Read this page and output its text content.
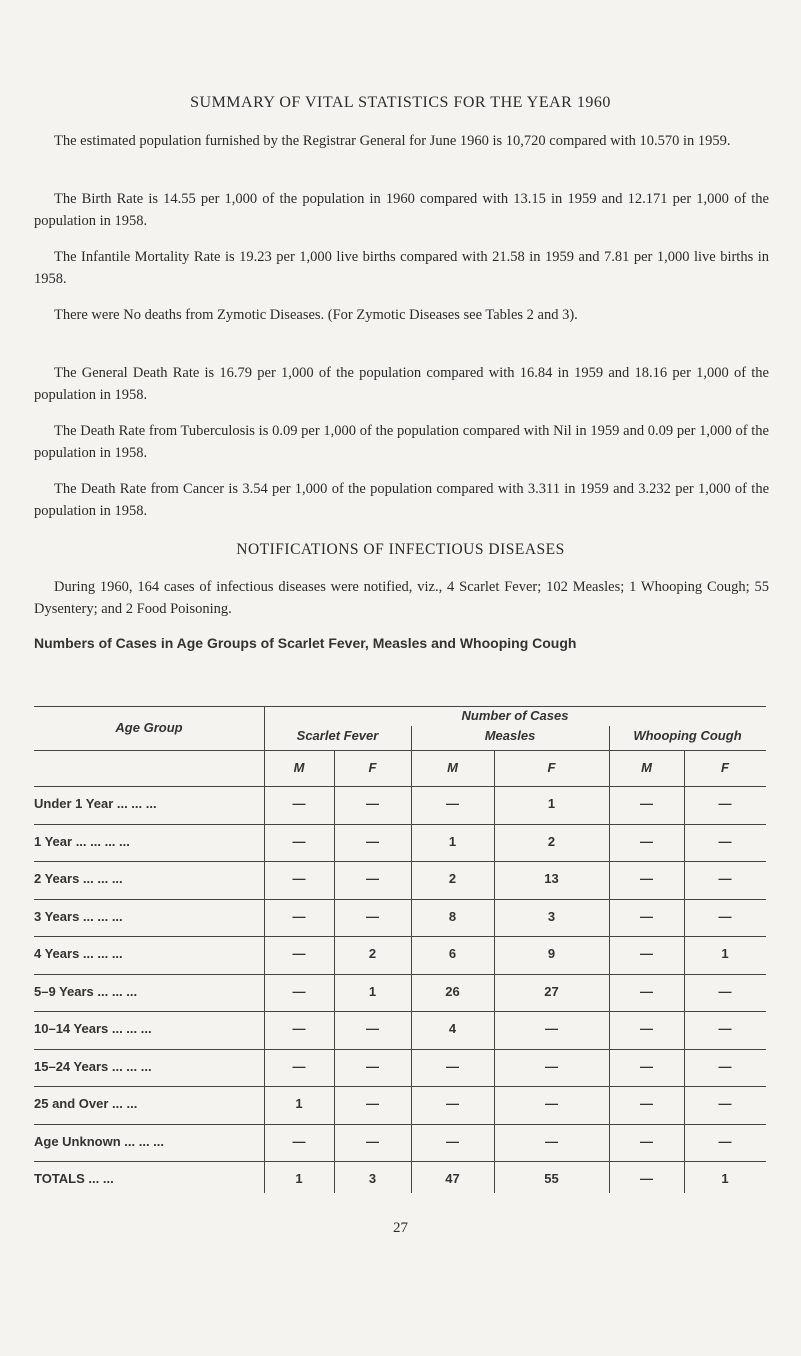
SUMMARY OF VITAL STATISTICS FOR THE YEAR 1960
The estimated population furnished by the Registrar General for June 1960 is 10,720 compared with 10.570 in 1959.
The Birth Rate is 14.55 per 1,000 of the population in 1960 compared with 13.15 in 1959 and 12.171 per 1,000 of the population in 1958.
The Infantile Mortality Rate is 19.23 per 1,000 live births compared with 21.58 in 1959 and 7.81 per 1,000 live births in 1958.
There were No deaths from Zymotic Diseases. (For Zymotic Diseases see Tables 2 and 3).
The General Death Rate is 16.79 per 1,000 of the population compared with 16.84 in 1959 and 18.16 per 1,000 of the population in 1958.
The Death Rate from Tuberculosis is 0.09 per 1,000 of the population compared with Nil in 1959 and 0.09 per 1,000 of the population in 1958.
The Death Rate from Cancer is 3.54 per 1,000 of the population compared with 3.311 in 1959 and 3.232 per 1,000 of the population in 1958.
NOTIFICATIONS OF INFECTIOUS DISEASES
During 1960, 164 cases of infectious diseases were notified, viz., 4 Scarlet Fever; 102 Measles; 1 Whooping Cough; 55 Dysentery; and 2 Food Poisoning.
Numbers of Cases in Age Groups of Scarlet Fever, Measles and Whooping Cough
Age Group
Number of Cases
Scarlet Fever	Measles	Whooping Cough
M	F	M	F	M	F
Under 1 Year ... ... ...	—	—	—	1	—	—
1 Year ... ... ... ...	—	—	1	2	—	—
2 Years ... ... ...	—	—	2	13	—	—
3 Years ... ... ...	—	—	8	3	—	—
4 Years ... ... ...	—	2	6	9	—	1
5–9 Years ... ... ...	—	1	26	27	—	—
10–14 Years ... ... ...	—	—	4	—	—	—
15–24 Years ... ... ...	—	—	—	—	—	—
25 and Over ... ...	1	—	—	—	—	—
Age Unknown ... ... ...	—	—	—	—	—	—
TOTALS ... ...	1	3	47	55	—	1
27
